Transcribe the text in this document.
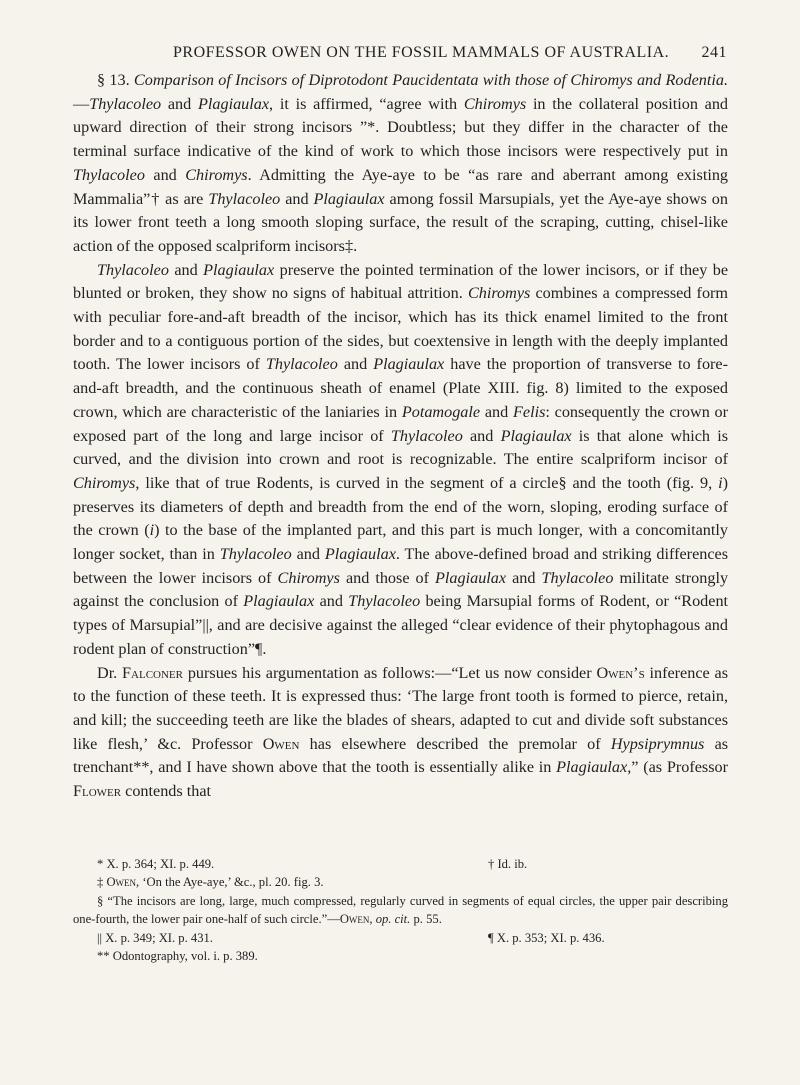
PROFESSOR OWEN ON THE FOSSIL MAMMALS OF AUSTRALIA. 241

§ 13. Comparison of Incisors of Diprotodont Paucidentata with those of Chiromys and Rodentia.—Thylacoleo and Plagiaulax, it is affirmed, “agree with Chiromys in the collateral position and upward direction of their strong incisors ”*. Doubtless; but they differ in the character of the terminal surface indicative of the kind of work to which those incisors were respectively put in Thylacoleo and Chiromys. Admitting the Aye-aye to be “as rare and aberrant among existing Mammalia”† as are Thylacoleo and Plagiaulax among fossil Marsupials, yet the Aye-aye shows on its lower front teeth a long smooth sloping surface, the result of the scraping, cutting, chisel-like action of the opposed scalpriform incisors‡.

Thylacoleo and Plagiaulax preserve the pointed termination of the lower incisors, or if they be blunted or broken, they show no signs of habitual attrition. Chiromys combines a compressed form with peculiar fore-and-aft breadth of the incisor, which has its thick enamel limited to the front border and to a contiguous portion of the sides, but coextensive in length with the deeply implanted tooth. The lower incisors of Thylacoleo and Plagiaulax have the proportion of transverse to fore-and-aft breadth, and the continuous sheath of enamel (Plate XIII. fig. 8) limited to the exposed crown, which are characteristic of the laniaries in Potamogale and Felis: consequently the crown or exposed part of the long and large incisor of Thylacoleo and Plagiaulax is that alone which is curved, and the division into crown and root is recognizable. The entire scalpriform incisor of Chiromys, like that of true Rodents, is curved in the segment of a circle§ and the tooth (fig. 9, i) preserves its diameters of depth and breadth from the end of the worn, sloping, eroding surface of the crown (i) to the base of the implanted part, and this part is much longer, with a concomitantly longer socket, than in Thylacoleo and Plagiaulax. The above-defined broad and striking differences between the lower incisors of Chiromys and those of Plagiaulax and Thylacoleo militate strongly against the conclusion of Plagiaulax and Thylacoleo being Marsupial forms of Rodent, or “Rodent types of Marsupial”||, and are decisive against the alleged “clear evidence of their phytophagous and rodent plan of construction”¶.

Dr. Falconer pursues his argumentation as follows:—“Let us now consider Owen’s inference as to the function of these teeth. It is expressed thus: ‘The large front tooth is formed to pierce, retain, and kill; the succeeding teeth are like the blades of shears, adapted to cut and divide soft substances like flesh,’ &c. Professor Owen has elsewhere described the premolar of Hypsiprymnus as trenchant**, and I have shown above that the tooth is essentially alike in Plagiaulax,” (as Professor Flower contends that

* X. p. 364; XI. p. 449.	† Id. ib.
‡ Owen, ‘On the Aye-aye,’ &c., pl. 20. fig. 3.
§ “The incisors are long, large, much compressed, regularly curved in segments of equal circles, the upper pair describing one-fourth, the lower pair one-half of such circle.”—Owen, op. cit. p. 55.
|| X. p. 349; XI. p. 431.	¶ X. p. 353; XI. p. 436.
** Odontography, vol. i. p. 389.
